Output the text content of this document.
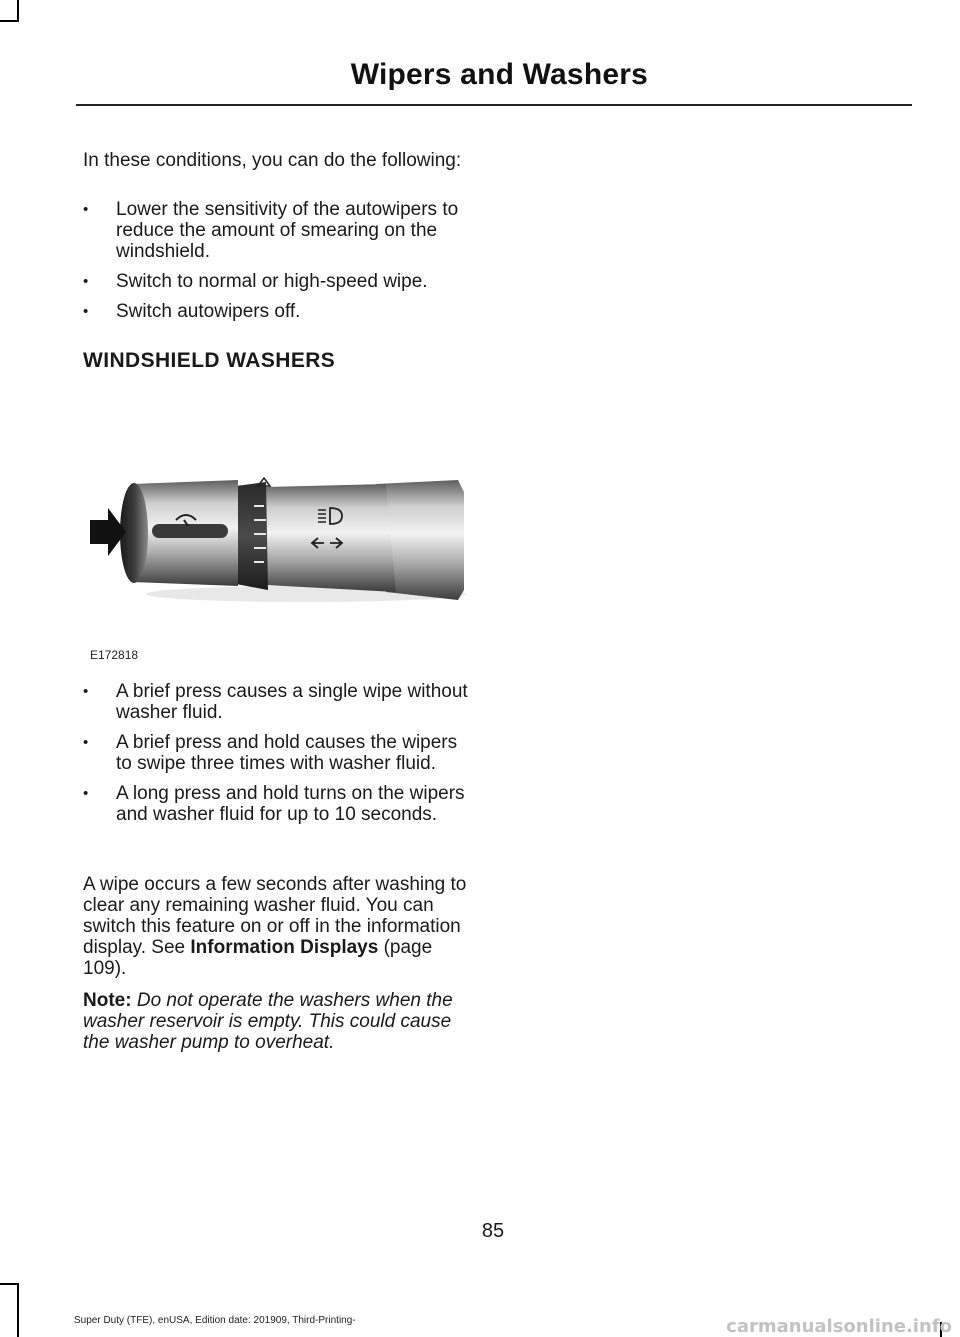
Wipers and Washers

In these conditions, you can do the following:

• Lower the sensitivity of the autowipers to reduce the amount of smearing on the windshield.
• Switch to normal or high-speed wipe.
• Switch autowipers off.
WINDSHIELD WASHERS
E172818
• A brief press causes a single wipe without washer fluid.
• A brief press and hold causes the wipers to swipe three times with washer fluid.
• A long press and hold turns on the wipers and washer fluid for up to 10 seconds.

A wipe occurs a few seconds after washing to clear any remaining washer fluid. You can switch this feature on or off in the information display. See Information Displays (page 109).

Note: Do not operate the washers when the washer reservoir is empty. This could cause the washer pump to overheat.

85
Super Duty (TFE), enUSA, Edition date: 201909, Third-Printing-	carmanualsonline.info
